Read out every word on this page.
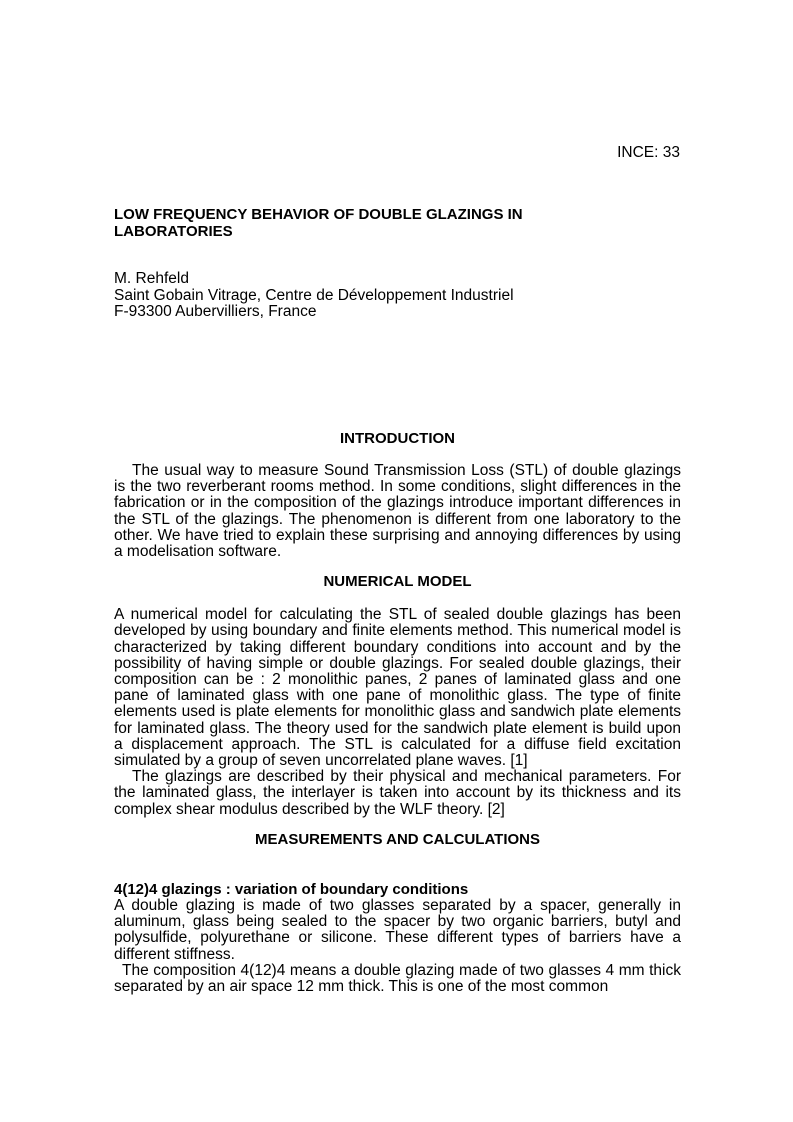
INCE: 33
LOW FREQUENCY BEHAVIOR OF DOUBLE GLAZINGS IN LABORATORIES
M. Rehfeld
Saint Gobain Vitrage, Centre de Développement Industriel
F-93300 Aubervilliers, France
INTRODUCTION

The usual way to measure Sound Transmission Loss (STL) of double glazings is the two reverberant rooms method. In some conditions, slight differences in the fabrication or in the composition of the glazings introduce important differences in the STL of the glazings. The phenomenon is different from one laboratory to the other. We have tried to explain these surprising and annoying differences by using a modelisation software.

NUMERICAL MODEL

A numerical model for calculating the STL of sealed double glazings has been developed by using boundary and finite elements method. This numerical model is characterized by taking different boundary conditions into account and by the possibility of having simple or double glazings. For sealed double glazings, their composition can be : 2 monolithic panes, 2 panes of laminated glass and one pane of laminated glass with one pane of monolithic glass. The type of finite elements used is plate elements for monolithic glass and sandwich plate elements for laminated glass. The theory used for the sandwich plate element is build upon a displacement approach. The STL is calculated for a diffuse field excitation simulated by a group of seven uncorrelated plane waves. [1]

The glazings are described by their physical and mechanical parameters. For the laminated glass, the interlayer is taken into account by its thickness and its complex shear modulus described by the WLF theory. [2]

MEASUREMENTS AND CALCULATIONS
4(12)4 glazings : variation of boundary conditions

A double glazing is made of two glasses separated by a spacer, generally in aluminum, glass being sealed to the spacer by two organic barriers, butyl and polysulfide, polyurethane or silicone. These different types of barriers have a different stiffness.

The composition 4(12)4 means a double glazing made of two glasses 4 mm thick separated by an air space 12 mm thick. This is one of the most common
